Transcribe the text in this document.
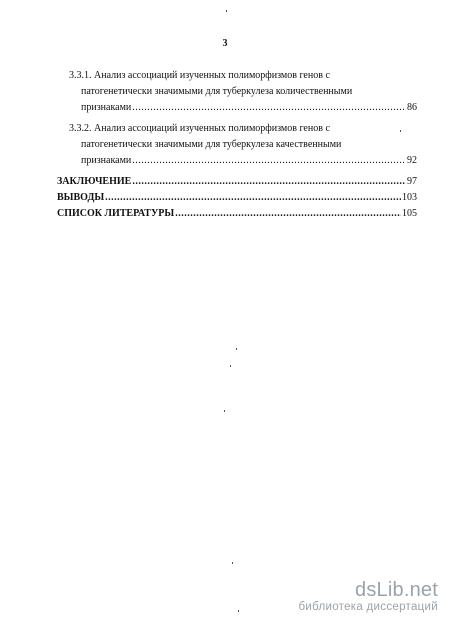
3
3.3.1. Анализ ассоциаций изученных полиморфизмов генов с
патогенетически значимыми для туберкулеза количественными
признаками .....	86
3.3.2. Анализ ассоциаций изученных полиморфизмов генов с
патогенетически значимыми для туберкулеза качественными
признаками .....	92
ЗАКЛЮЧЕНИЕ .....	97
ВЫВОДЫ .....	103
СПИСОК ЛИТЕРАТУРЫ .....	105
dsLib.net
библиотека диссертаций
